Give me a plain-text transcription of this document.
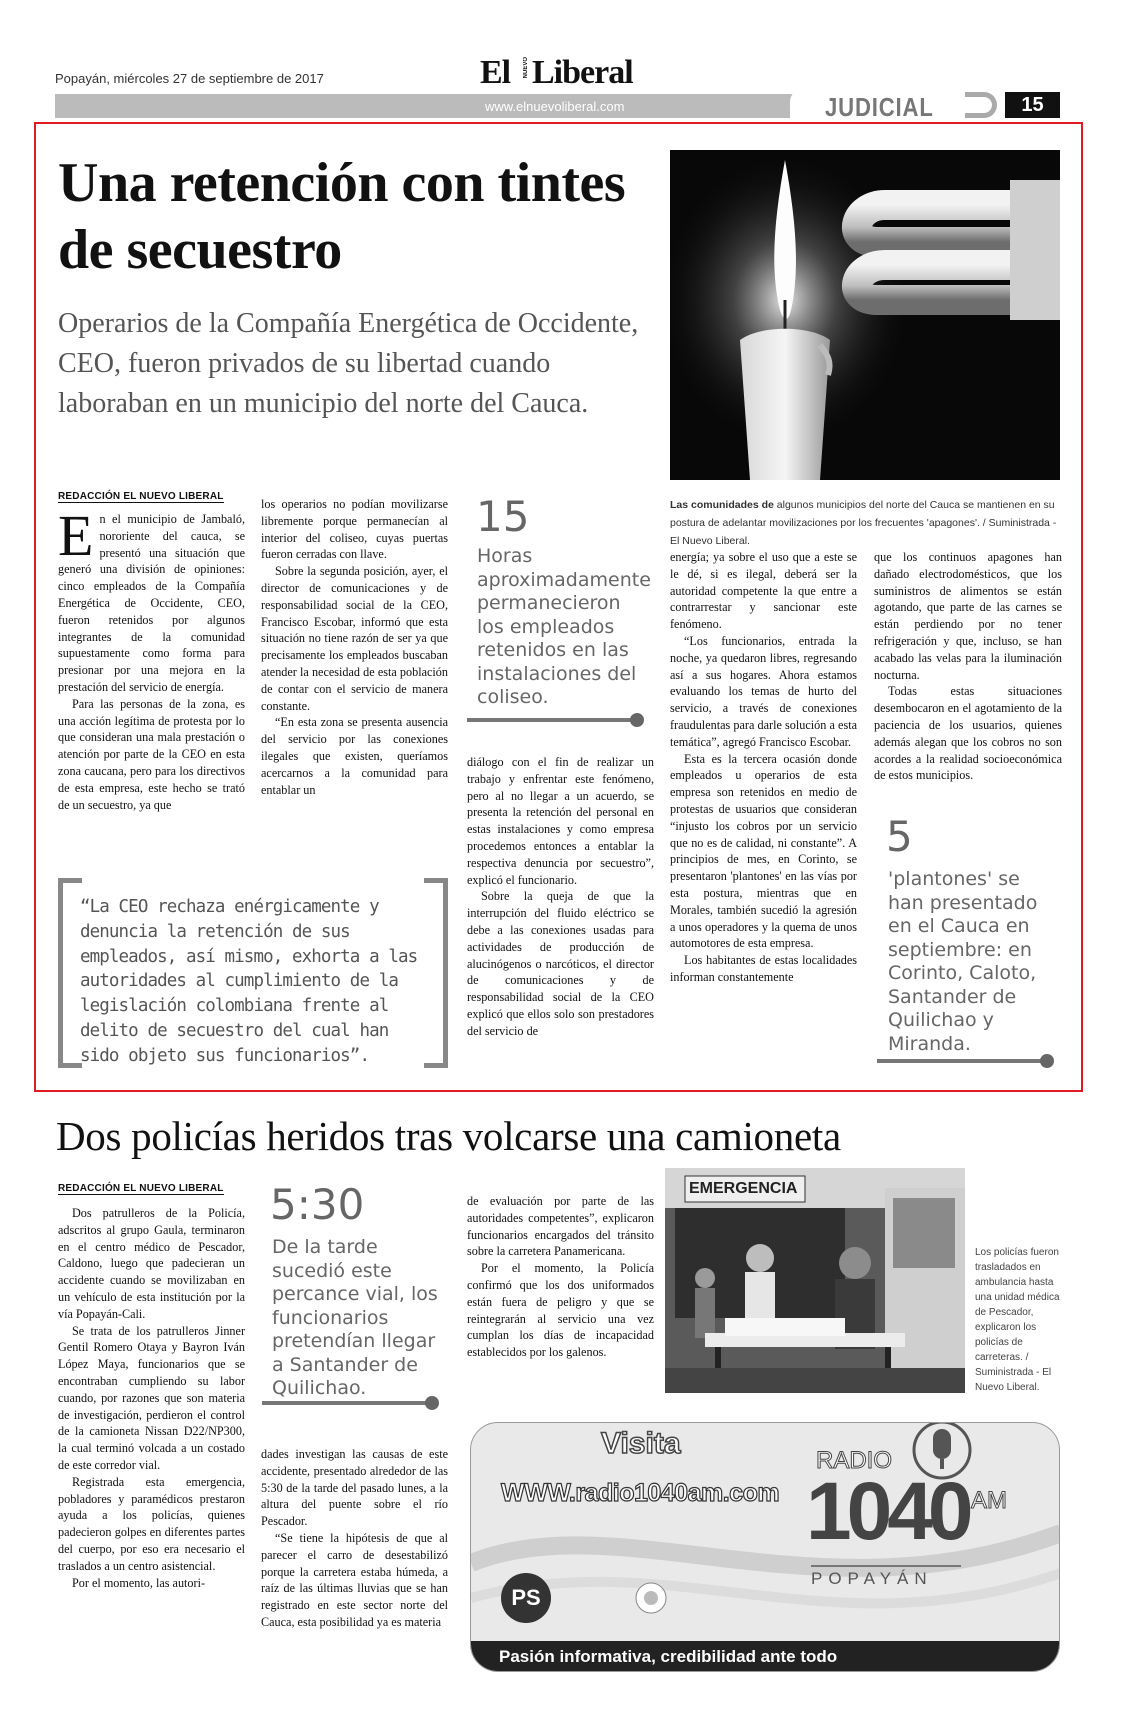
Popayán, miércoles 27 de septiembre de 2017	El NUEVO Liberal
www.elnuevoliberal.com	JUDICIAL	15
Una retención con tintes de secuestro
Operarios de la Compañía Energética de Occidente, CEO, fueron privados de su libertad cuando laboraban en un municipio del norte del Cauca.
Las comunidades de algunos municipios del norte del Cauca se mantienen en su postura de adelantar movilizaciones por los frecuentes 'apagones'. / Suministrada - El Nuevo Liberal.
REDACCIÓN EL NUEVO LIBERAL

En el municipio de Jambaló, nororiente del cauca, se presentó una situación que generó una división de opiniones: cinco empleados de la Compañía Energética de Occidente, CEO, fueron retenidos por algunos integrantes de la comunidad supuestamente como forma para presionar por una mejora en la prestación del servicio de energía.

Para las personas de la zona, es una acción legítima de protesta por lo que consideran una mala prestación o atención por parte de la CEO en esta zona caucana, pero para los directivos de esta empresa, este hecho se trató de un secuestro, ya que

los operarios no podían movilizarse libremente porque permanecían al interior del coliseo, cuyas puertas fueron cerradas con llave.

Sobre la segunda posición, ayer, el director de comunicaciones y de responsabilidad social de la CEO, Francisco Escobar, informó que esta situación no tiene razón de ser ya que precisamente los empleados buscaban atender la necesidad de esta población de contar con el servicio de manera constante.

“En esta zona se presenta ausencia del servicio por las conexiones ilegales que existen, queríamos acercarnos a la comunidad para entablar un

15
Horas aproximadamente permanecieron los empleados retenidos en las instalaciones del coliseo.

diálogo con el fin de realizar un trabajo y enfrentar este fenómeno, pero al no llegar a un acuerdo, se presenta la retención del personal en estas instalaciones y como empresa procedemos entonces a entablar la respectiva denuncia por secuestro”, explicó el funcionario.

Sobre la queja de que la interrupción del fluido eléctrico se debe a las conexiones usadas para actividades de producción de alucinógenos o narcóticos, el director de comunicaciones y de responsabilidad social de la CEO explicó que ellos solo son prestadores del servicio de

energía; ya sobre el uso que a este se le dé, si es ilegal, deberá ser la autoridad competente la que entre a contrarrestar y sancionar este fenómeno.

“Los funcionarios, entrada la noche, ya quedaron libres, regresando así a sus hogares. Ahora estamos evaluando los temas de hurto del servicio, a través de conexiones fraudulentas para darle solución a esta temática”, agregó Francisco Escobar.

Esta es la tercera ocasión donde empleados u operarios de esta empresa son retenidos en medio de protestas de usuarios que consideran “injusto los cobros por un servicio que no es de calidad, ni constante”. A principios de mes, en Corinto, se presentaron 'plantones' en las vías por esta postura, mientras que en Morales, también sucedió la agresión a unos operadores y la quema de unos automotores de esta empresa.

Los habitantes de estas localidades informan constantemente

que los continuos apagones han dañado electrodomésticos, que los suministros de alimentos se están agotando, que parte de las carnes se están perdiendo por no tener refrigeración y que, incluso, se han acabado las velas para la iluminación nocturna.

Todas estas situaciones desembocaron en el agotamiento de la paciencia de los usuarios, quienes además alegan que los cobros no son acordes a la realidad socioeconómica de estos municipios.

5
'plantones' se han presentado en el Cauca en septiembre: en Corinto, Caloto, Santander de Quilichao y Miranda.
“La CEO rechaza enérgicamente y denuncia la retención de sus empleados, así mismo, exhorta a las autoridades al cumplimiento de la legislación colombiana frente al delito de secuestro del cual han sido objeto sus funcionarios”.
Dos policías heridos tras volcarse una camioneta
REDACCIÓN EL NUEVO LIBERAL

Dos patrulleros de la Policía, adscritos al grupo Gaula, terminaron en el centro médico de Pescador, Caldono, luego que padecieran un accidente cuando se movilizaban en un vehículo de esta institución por la vía Popayán-Cali.

Se trata de los patrulleros Jinner Gentil Romero Otaya y Bayron Iván López Maya, funcionarios que se encontraban cumpliendo su labor cuando, por razones que son materia de investigación, perdieron el control de la camioneta Nissan D22/NP300, la cual terminó volcada a un costado de este corredor vial.

Registrada esta emergencia, pobladores y paramédicos prestaron ayuda a los policías, quienes padecieron golpes en diferentes partes del cuerpo, por eso era necesario el traslados a un centro asistencial.

Por el momento, las autori-

5:30
De la tarde sucedió este percance vial, los funcionarios pretendían llegar a Santander de Quilichao.

dades investigan las causas de este accidente, presentado alrededor de las 5:30 de la tarde del pasado lunes, a la altura del puente sobre el río Pescador.

“Se tiene la hipótesis de que al parecer el carro de desestabilizó porque la carretera estaba húmeda, a raíz de las últimas lluvias que se han registrado en este sector norte del Cauca, esta posibilidad ya es materia

de evaluación por parte de las autoridades competentes”, explicaron funcionarios encargados del tránsito sobre la carretera Panamericana.

Por el momento, la Policía confirmó que los dos uniformados están fuera de peligro y que se reintegrarán al servicio una vez cumplan los días de incapacidad establecidos por los galenos.

EMERGENCIA
Los policías fueron trasladados en ambulancia hasta una unidad médica de Pescador, explicaron los policías de carreteras. / Suministrada - El Nuevo Liberal.
Visita
WWW.radio1040am.com
RADIO
1040 AM
POPAYÁN
PS
Pasión informativa, credibilidad ante todo
